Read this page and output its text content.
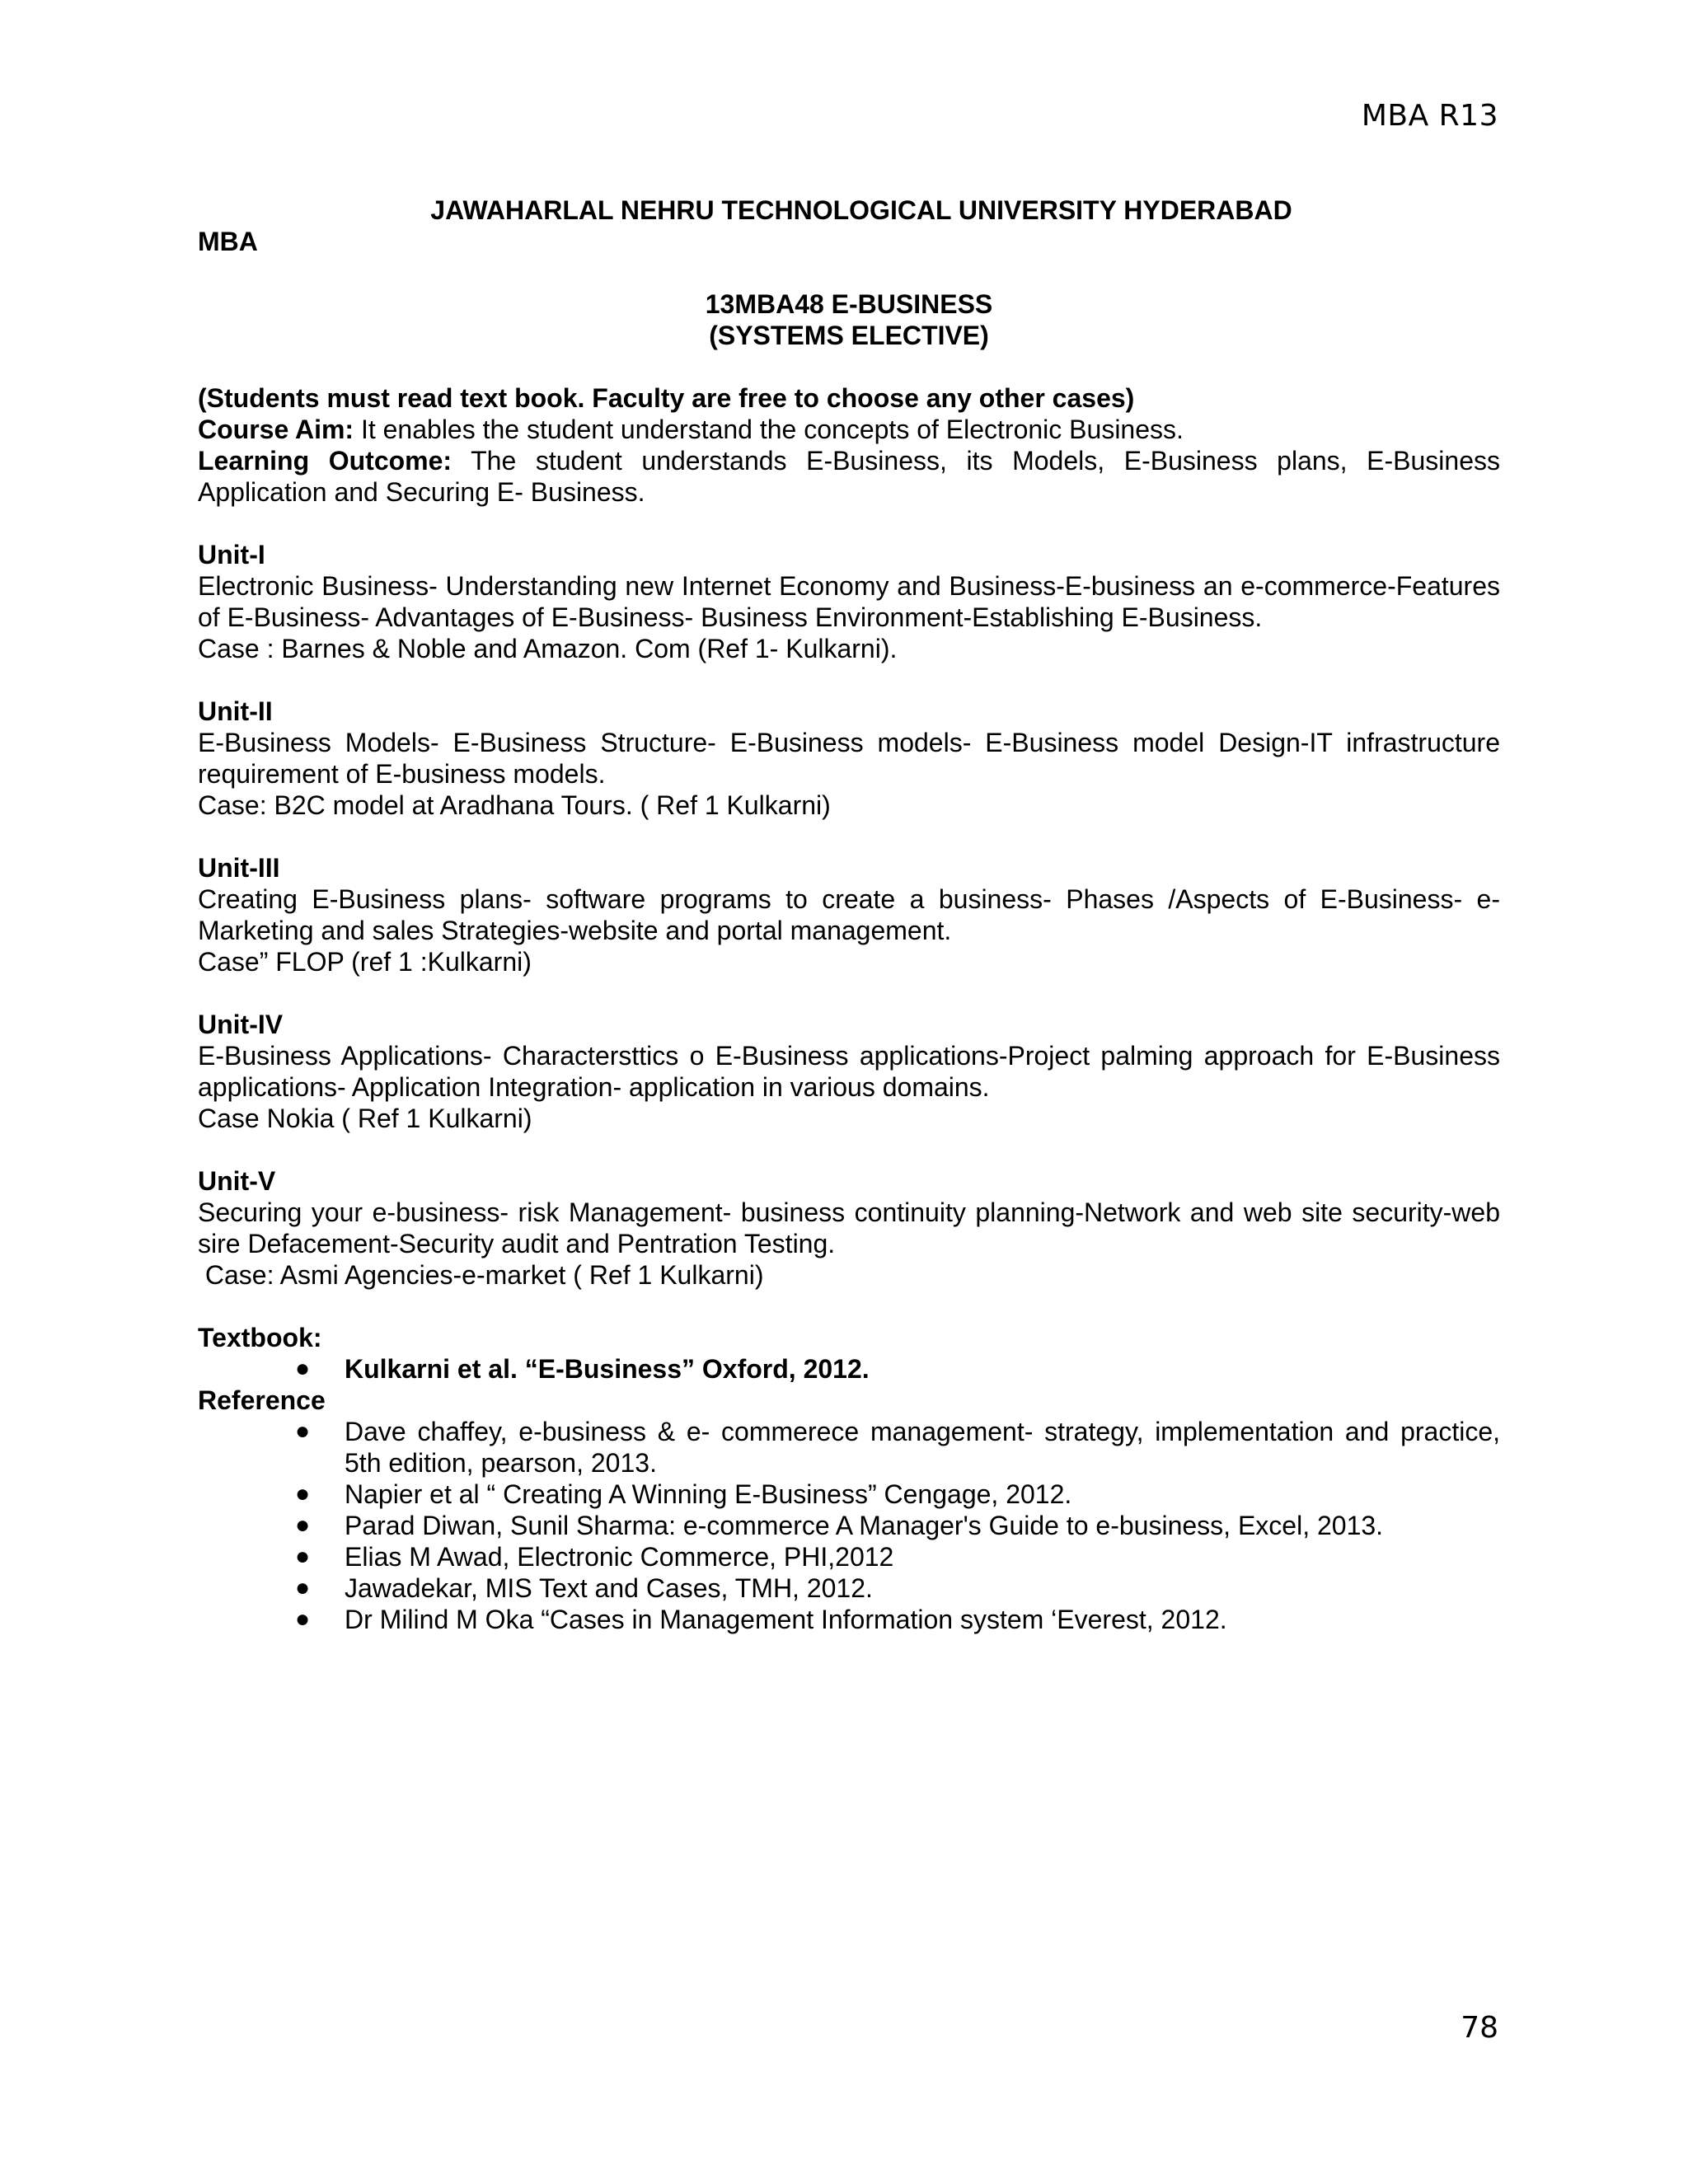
MBA R13
JAWAHARLAL NEHRU TECHNOLOGICAL UNIVERSITY HYDERABAD
MBA
13MBA48 E-BUSINESS
(SYSTEMS ELECTIVE)
(Students must read text book. Faculty are free to choose any other cases)
Course Aim: It enables the student understand the concepts of Electronic Business.
Learning Outcome: The student understands E-Business, its Models, E-Business plans, E-Business Application and Securing E- Business.
Unit-I
Electronic Business- Understanding new Internet Economy and Business-E-business an e-commerce-Features of E-Business- Advantages of E-Business- Business Environment-Establishing E-Business.
Case : Barnes & Noble and Amazon. Com (Ref 1- Kulkarni).
Unit-II
E-Business Models- E-Business Structure- E-Business models- E-Business model Design-IT infrastructure requirement of E-business models.
Case: B2C model at Aradhana Tours. ( Ref 1 Kulkarni)
Unit-III
Creating E-Business plans- software programs to create a business- Phases /Aspects of E-Business- e-Marketing and sales Strategies-website and portal management.
Case” FLOP (ref 1 :Kulkarni)
Unit-IV
E-Business Applications- Charactersttics o E-Business applications-Project palming approach for E-Business applications- Application Integration- application in various domains.
Case Nokia ( Ref 1 Kulkarni)
Unit-V
Securing your e-business- risk Management- business continuity planning-Network and web site security-web sire Defacement-Security audit and Pentration Testing.
Case: Asmi Agencies-e-market ( Ref 1 Kulkarni)
Textbook:
● Kulkarni et al. “E-Business” Oxford, 2012.
Reference
● Dave chaffey, e-business & e- commerece management- strategy, implementation and practice, 5th edition, pearson, 2013.
● Napier et al “ Creating A Winning E-Business” Cengage, 2012.
● Parad Diwan, Sunil Sharma: e-commerce A Manager's Guide to e-business, Excel, 2013.
● Elias M Awad, Electronic Commerce, PHI,2012
● Jawadekar, MIS Text and Cases, TMH, 2012.
● Dr Milind M Oka “Cases in Management Information system ‘Everest, 2012.
78
